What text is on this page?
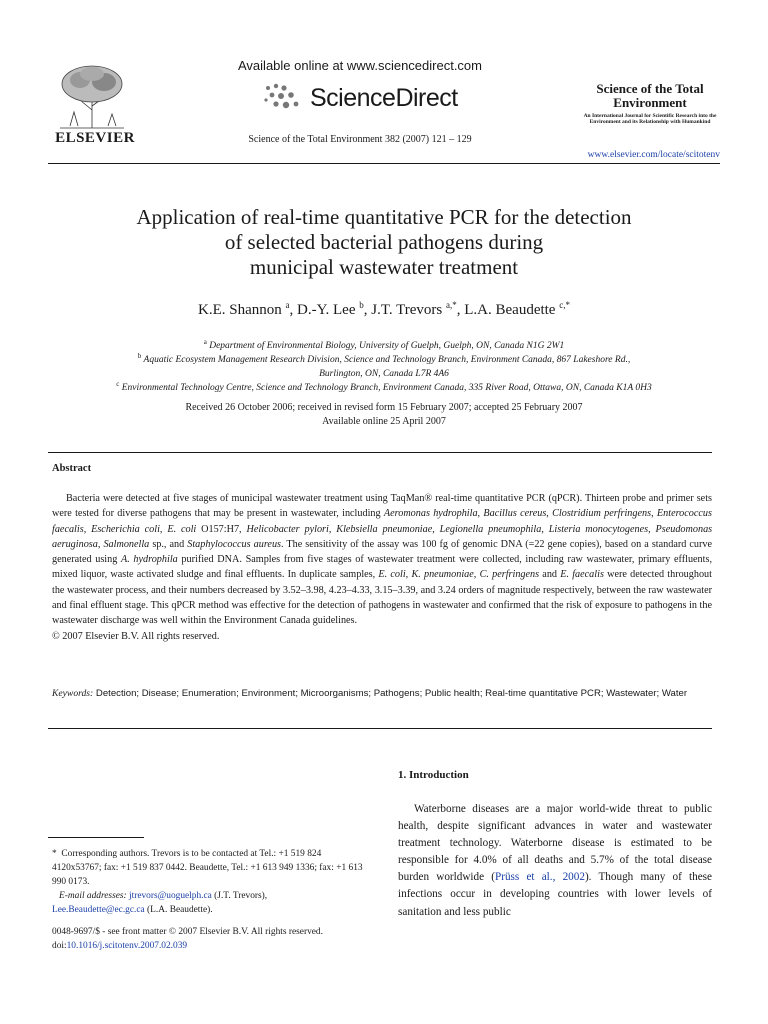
ELSEVIER
Available online at www.sciencedirect.com
ScienceDirect
Science of the Total Environment 382 (2007) 121 – 129
Science of the Total Environment
An International Journal for Scientific Research into the Environment and its Relationship with Humankind
www.elsevier.com/locate/scitotenv
Application of real-time quantitative PCR for the detection
of selected bacterial pathogens during
municipal wastewater treatment
K.E. Shannon $^a$, D.-Y. Lee $^b$, J.T. Trevors $^{a,*}$, L.A. Beaudette $^{c,*}$
$^a$ Department of Environmental Biology, University of Guelph, Guelph, ON, Canada N1G 2W1
$^b$ Aquatic Ecosystem Management Research Division, Science and Technology Branch, Environment Canada, 867 Lakeshore Rd.,
Burlington, ON, Canada L7R 4A6
$^c$ Environmental Technology Centre, Science and Technology Branch, Environment Canada, 335 River Road, Ottawa, ON, Canada K1A 0H3
Received 26 October 2006; received in revised form 15 February 2007; accepted 25 February 2007
Available online 25 April 2007
Abstract

Bacteria were detected at five stages of municipal wastewater treatment using TaqMan® real-time quantitative PCR (qPCR). Thirteen probe and primer sets were tested for diverse pathogens that may be present in wastewater, including Aeromonas hydrophila, Bacillus cereus, Clostridium perfringens, Enterococcus faecalis, Escherichia coli, E. coli O157:H7, Helicobacter pylori, Klebsiella pneumoniae, Legionella pneumophila, Listeria monocytogenes, Pseudomonas aeruginosa, Salmonella sp., and Staphylococcus aureus. The sensitivity of the assay was 100 fg of genomic DNA (=22 gene copies), based on a standard curve generated using A. hydrophila purified DNA. Samples from five stages of wastewater treatment were collected, including raw wastewater, primary effluents, mixed liquor, waste activated sludge and final effluents. In duplicate samples, E. coli, K. pneumoniae, C. perfringens and E. faecalis were detected throughout the wastewater process, and their numbers decreased by 3.52–3.98, 4.23–4.33, 3.15–3.39, and 3.24 orders of magnitude respectively, between the raw wastewater and final effluent stage. This qPCR method was effective for the detection of pathogens in wastewater and confirmed that the risk of exposure to pathogens in the wastewater discharge was well within the Environment Canada guidelines.

© 2007 Elsevier B.V. All rights reserved.

Keywords: Detection; Disease; Enumeration; Environment; Microorganisms; Pathogens; Public health; Real-time quantitative PCR; Wastewater; Water

* Corresponding authors. Trevors is to be contacted at Tel.: +1 519 824 4120x53767; fax: +1 519 837 0442. Beaudette, Tel.: +1 613 949 1336; fax: +1 613 990 0173.

E-mail addresses: jtrevors@uoguelph.ca (J.T. Trevors),

Lee.Beaudette@ec.gc.ca (L.A. Beaudette).

0048-9697/$ - see front matter © 2007 Elsevier B.V. All rights reserved.
doi:10.1016/j.scitotenv.2007.02.039
1. Introduction

Waterborne diseases are a major world-wide threat to public health, despite significant advances in water and wastewater treatment technology. Waterborne disease is estimated to be responsible for 4.0% of all deaths and 5.7% of the total disease burden worldwide (Prüss et al., 2002). Though many of these infections occur in developing countries with lower levels of sanitation and less public
